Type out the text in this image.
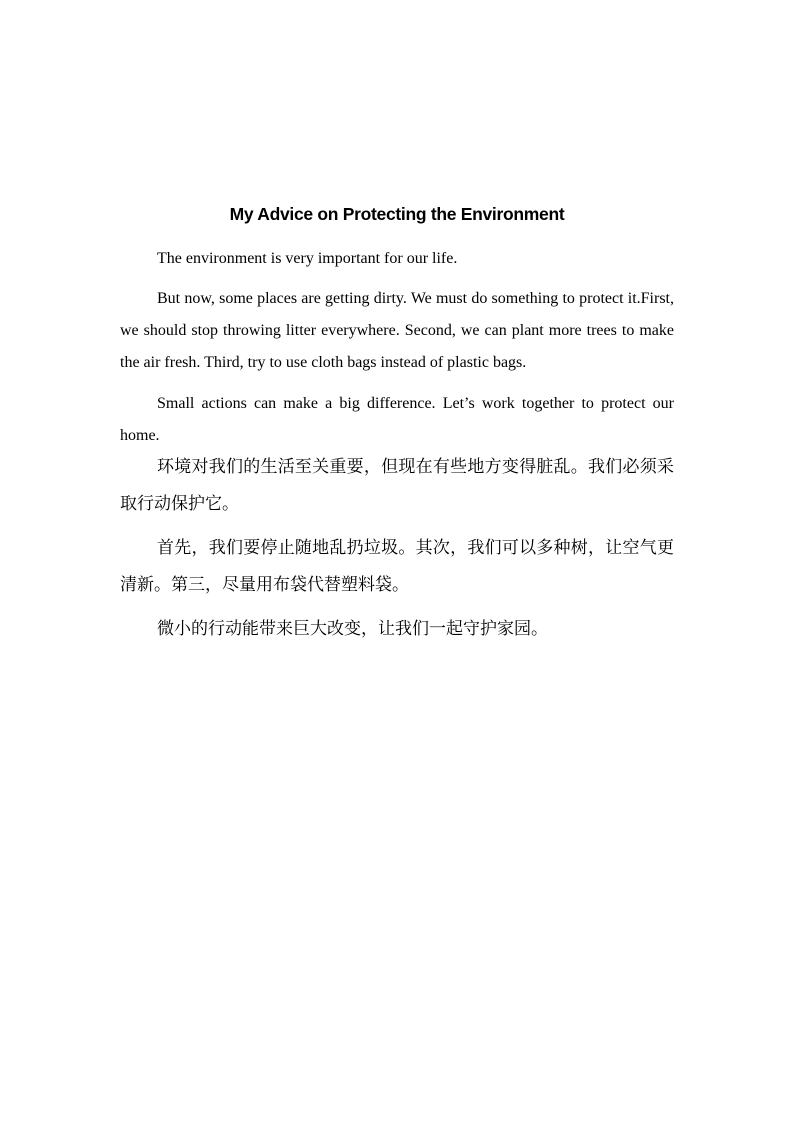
My Advice on Protecting the Environment

The environment is very important for our life.

But now, some places are getting dirty. We must do something to protect it.First, we should stop throwing litter everywhere. Second, we can plant more trees to make the air fresh. Third, try to use cloth bags instead of plastic bags.

Small actions can make a big difference. Let’s work together to protect our home.

环境对我们的生活至关重要，但现在有些地方变得脏乱。我们必须采取行动保护它。

首先，我们要停止随地乱扔垃圾。其次，我们可以多种树，让空气更清新。第三，尽量用布袋代替塑料袋。

微小的行动能带来巨大改变，让我们一起守护家园。
